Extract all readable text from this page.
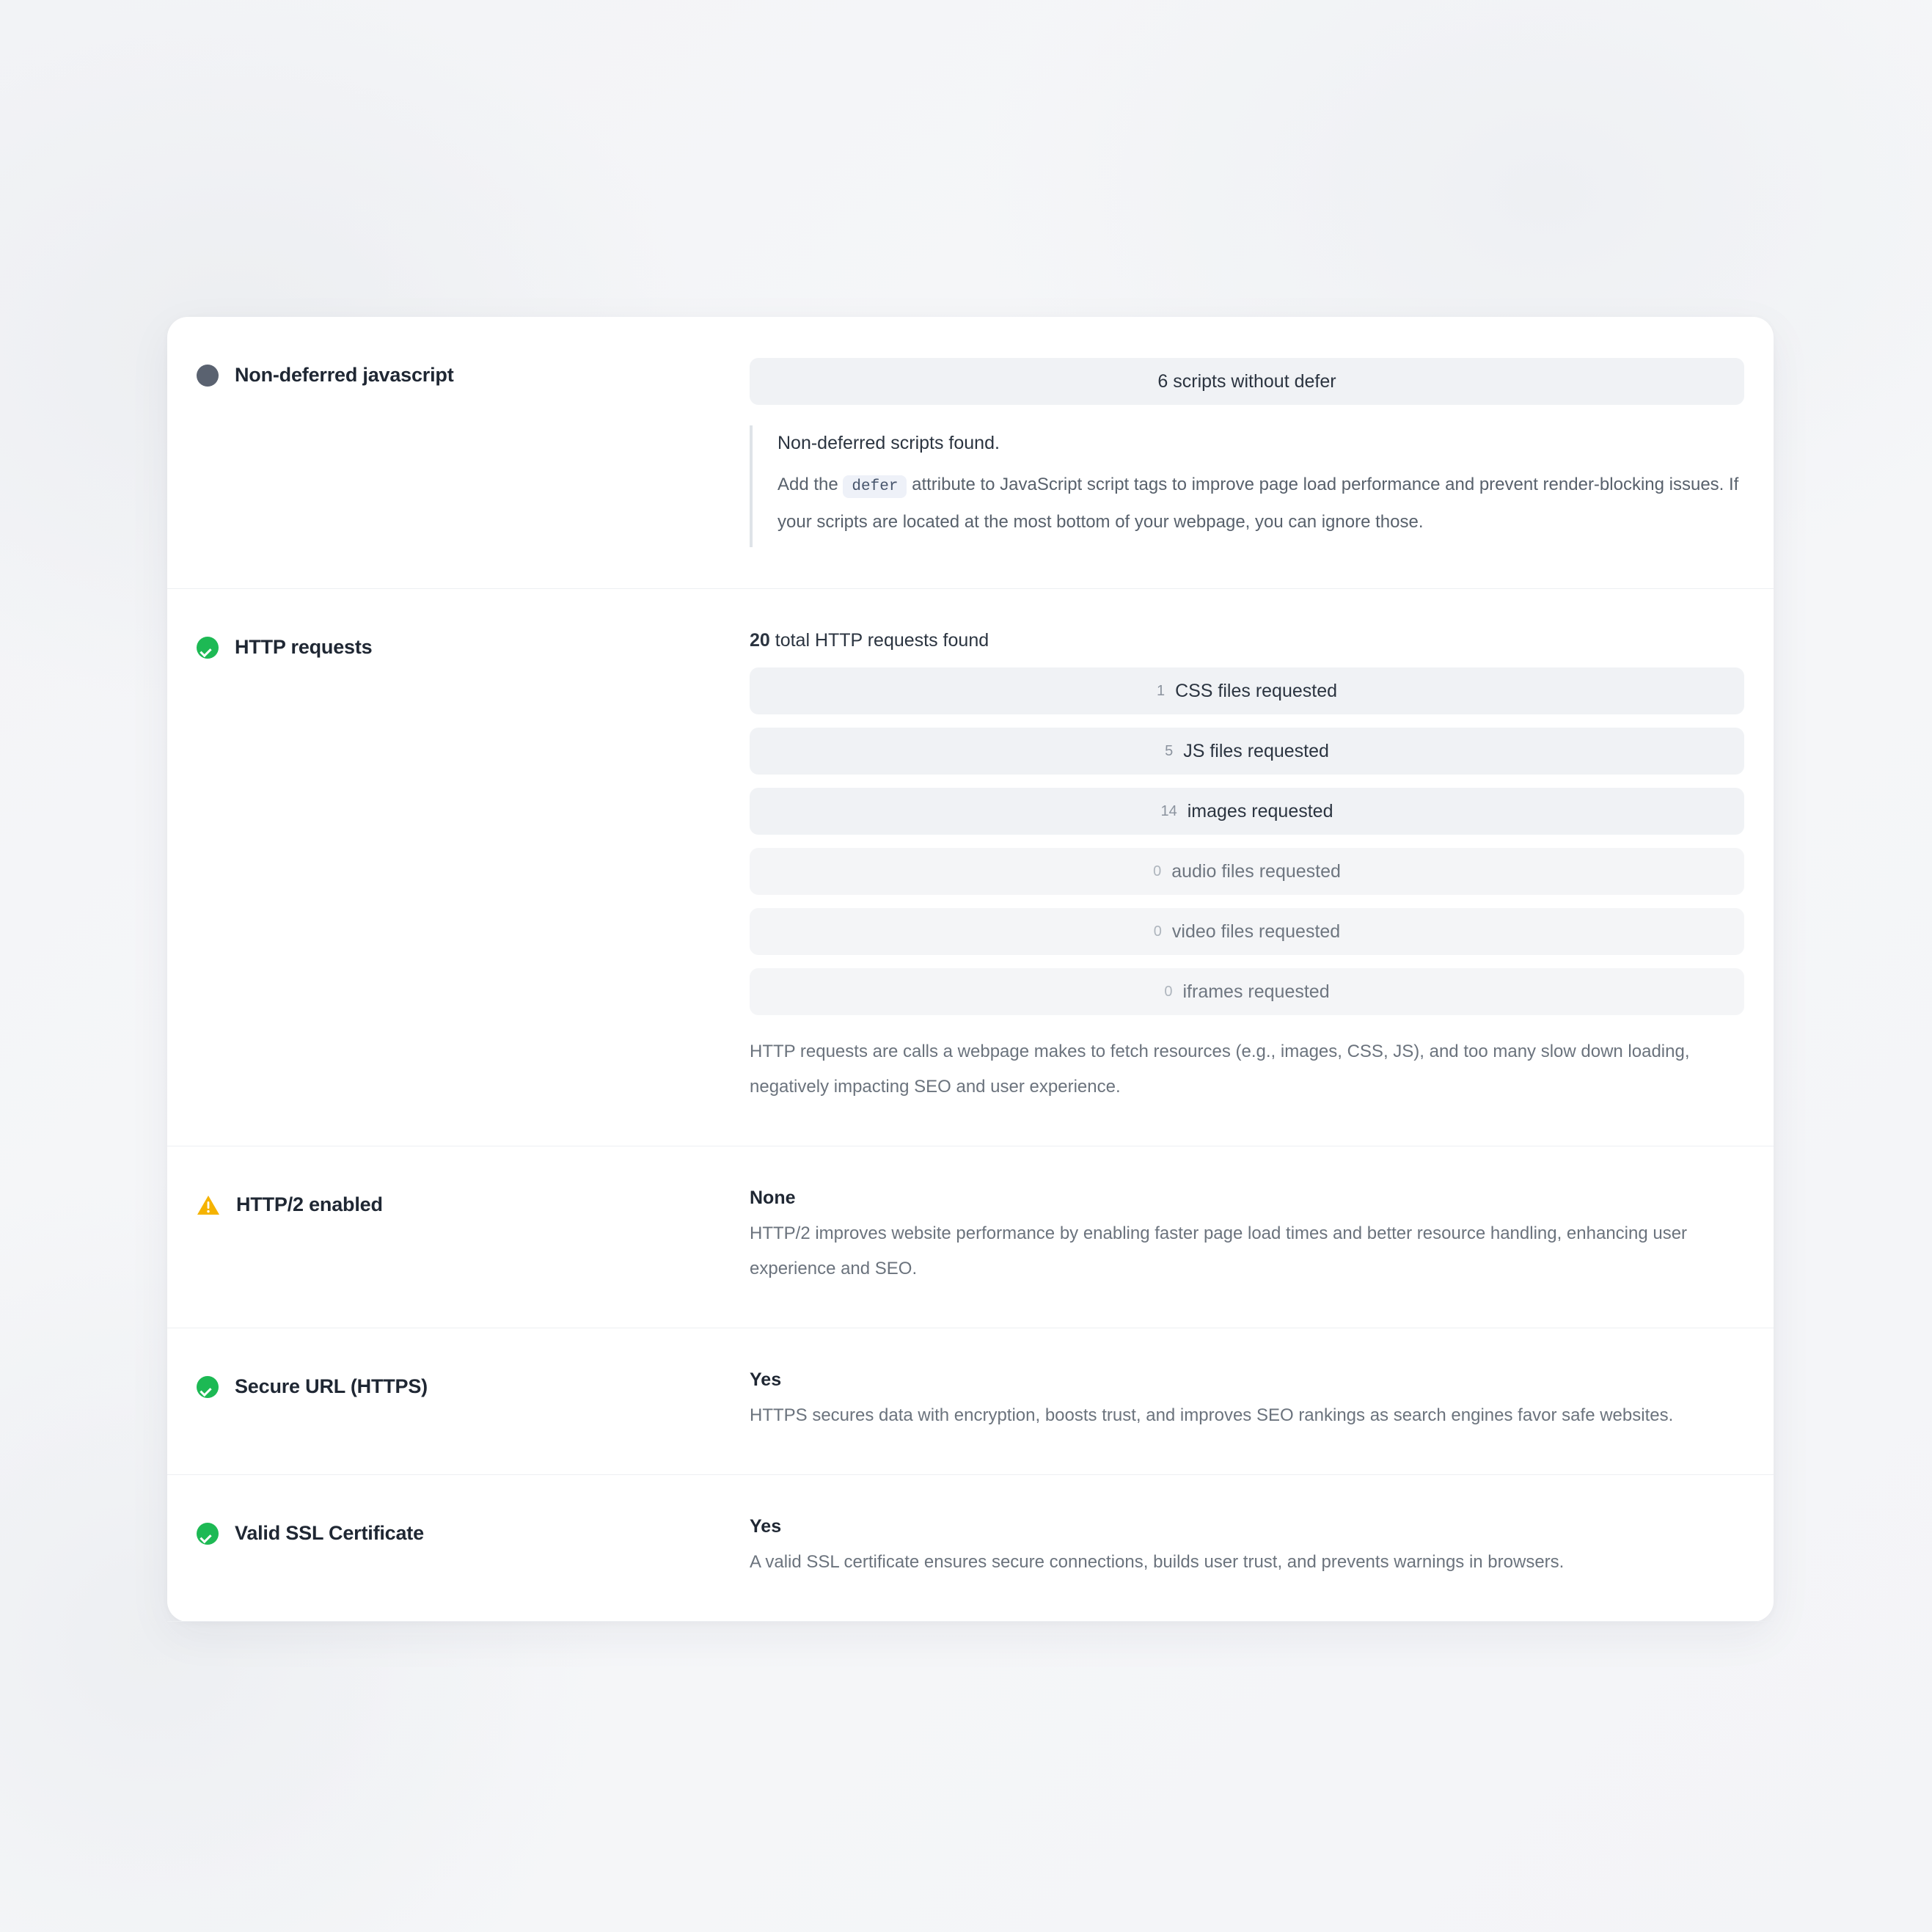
Non-deferred javascript	6 scripts without defer
Non-deferred scripts found.
Add the defer attribute to JavaScript script tags to improve page load performance and prevent render-blocking issues. If your scripts are located at the most bottom of your webpage, you can ignore those.
HTTP requests	20 total HTTP requests found
1 CSS files requested
5 JS files requested
14 images requested
0 audio files requested
0 video files requested
0 iframes requested
HTTP requests are calls a webpage makes to fetch resources (e.g., images, CSS, JS), and too many slow down loading, negatively impacting SEO and user experience.
HTTP/2 enabled	None
HTTP/2 improves website performance by enabling faster page load times and better resource handling, enhancing user experience and SEO.
Secure URL (HTTPS)	Yes
HTTPS secures data with encryption, boosts trust, and improves SEO rankings as search engines favor safe websites.
Valid SSL Certificate	Yes
A valid SSL certificate ensures secure connections, builds user trust, and prevents warnings in browsers.
